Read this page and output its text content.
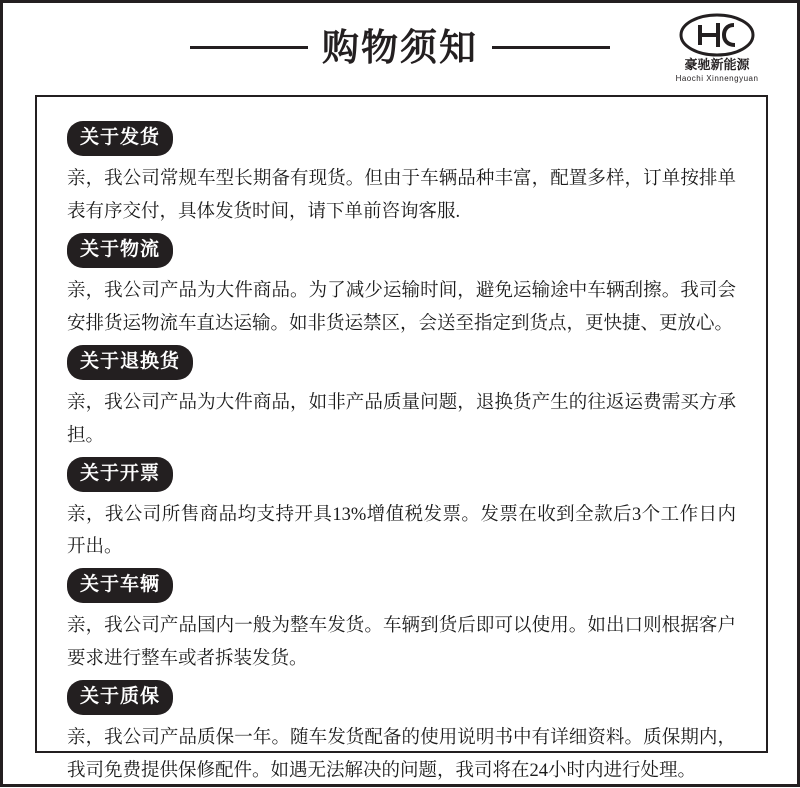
购物须知	豪驰新能源
Haochi Xinnengyuan
关于发货

亲，我公司常规车型长期备有现货。但由于车辆品种丰富，配置多样，订单按排单表有序交付，具体发货时间，请下单前咨询客服.

关于物流

亲，我公司产品为大件商品。为了减少运输时间，避免运输途中车辆刮擦。我司会安排货运物流车直达运输。如非货运禁区，会送至指定到货点，更快捷、更放心。

关于退换货

亲，我公司产品为大件商品，如非产品质量问题，退换货产生的往返运费需买方承担。

关于开票

亲，我公司所售商品均支持开具13%增值税发票。发票在收到全款后3个工作日内开出。

关于车辆

亲，我公司产品国内一般为整车发货。车辆到货后即可以使用。如出口则根据客户要求进行整车或者拆装发货。

关于质保

亲，我公司产品质保一年。随车发货配备的使用说明书中有详细资料。质保期内，我司免费提供保修配件。如遇无法解决的问题，我司将在24小时内进行处理。
